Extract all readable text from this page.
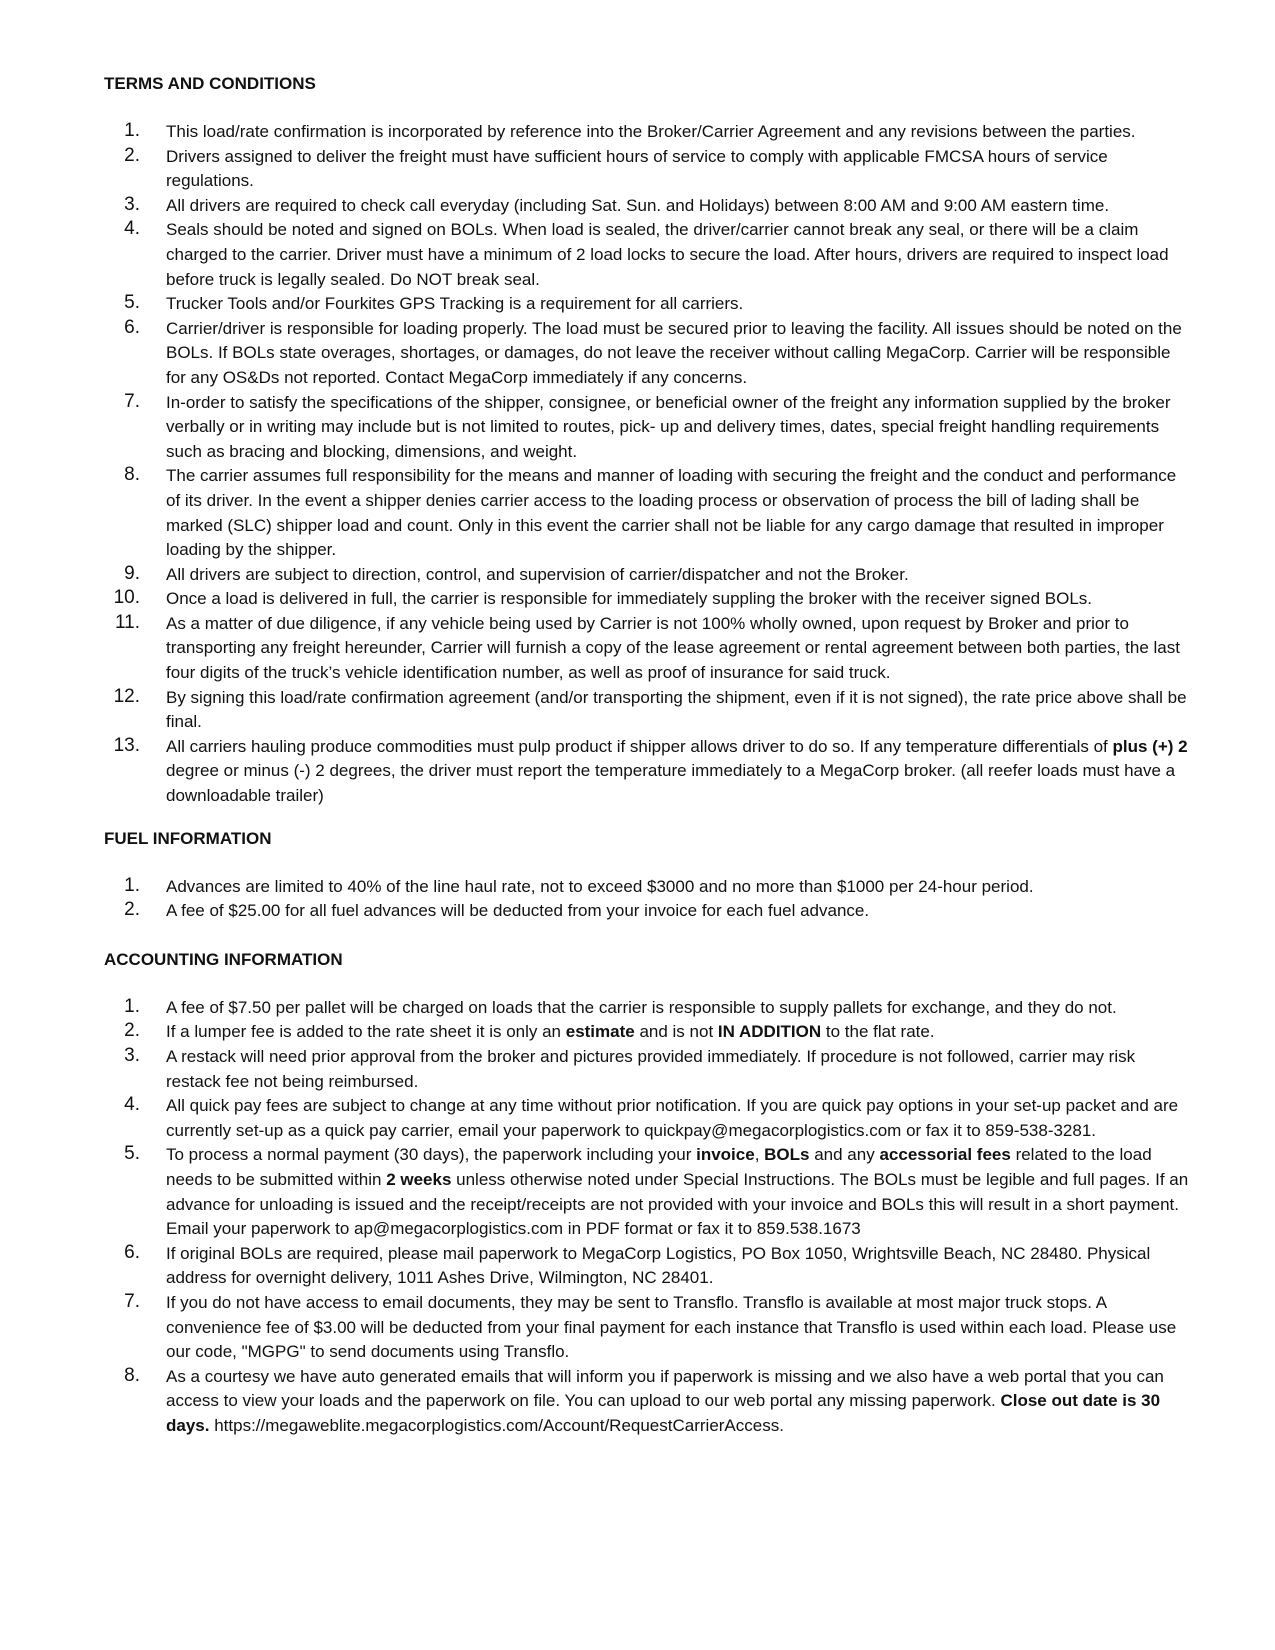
TERMS AND CONDITIONS
1.	This load/rate confirmation is incorporated by reference into the Broker/Carrier Agreement and any revisions between the parties.
2.	Drivers assigned to deliver the freight must have sufficient hours of service to comply with applicable FMCSA hours of service regulations.
3.	All drivers are required to check call everyday (including Sat. Sun. and Holidays) between 8:00 AM and 9:00 AM eastern time.
4.	Seals should be noted and signed on BOLs. When load is sealed, the driver/carrier cannot break any seal, or there will be a claim charged to the carrier. Driver must have a minimum of 2 load locks to secure the load. After hours, drivers are required to inspect load before truck is legally sealed. Do NOT break seal.
5.	Trucker Tools and/or Fourkites GPS Tracking is a requirement for all carriers.
6.	Carrier/driver is responsible for loading properly. The load must be secured prior to leaving the facility. All issues should be noted on the BOLs. If BOLs state overages, shortages, or damages, do not leave the receiver without calling MegaCorp. Carrier will be responsible for any OS&Ds not reported. Contact MegaCorp immediately if any concerns.
7.	In-order to satisfy the specifications of the shipper, consignee, or beneficial owner of the freight any information supplied by the broker verbally or in writing may include but is not limited to routes, pick- up and delivery times, dates, special freight handling requirements such as bracing and blocking, dimensions, and weight.
8.	The carrier assumes full responsibility for the means and manner of loading with securing the freight and the conduct and performance of its driver. In the event a shipper denies carrier access to the loading process or observation of process the bill of lading shall be marked (SLC) shipper load and count. Only in this event the carrier shall not be liable for any cargo damage that resulted in improper loading by the shipper.
9.	All drivers are subject to direction, control, and supervision of carrier/dispatcher and not the Broker.
10.	Once a load is delivered in full, the carrier is responsible for immediately suppling the broker with the receiver signed BOLs.
11.	As a matter of due diligence, if any vehicle being used by Carrier is not 100% wholly owned, upon request by Broker and prior to transporting any freight hereunder, Carrier will furnish a copy of the lease agreement or rental agreement between both parties, the last four digits of the truck’s vehicle identification number, as well as proof of insurance for said truck.
12.	By signing this load/rate confirmation agreement (and/or transporting the shipment, even if it is not signed), the rate price above shall be final.
13.	All carriers hauling produce commodities must pulp product if shipper allows driver to do so. If any temperature differentials of plus (+) 2 degree or minus (-) 2 degrees, the driver must report the temperature immediately to a MegaCorp broker. (all reefer loads must have a downloadable trailer)
FUEL INFORMATION
1.	Advances are limited to 40% of the line haul rate, not to exceed $3000 and no more than $1000 per 24-hour period.
2.	A fee of $25.00 for all fuel advances will be deducted from your invoice for each fuel advance.
ACCOUNTING INFORMATION
1.	A fee of $7.50 per pallet will be charged on loads that the carrier is responsible to supply pallets for exchange, and they do not.
2.	If a lumper fee is added to the rate sheet it is only an estimate and is not IN ADDITION to the flat rate.
3.	A restack will need prior approval from the broker and pictures provided immediately. If procedure is not followed, carrier may risk restack fee not being reimbursed.
4.	All quick pay fees are subject to change at any time without prior notification. If you are quick pay options in your set-up packet and are currently set-up as a quick pay carrier, email your paperwork to quickpay@megacorplogistics.com or fax it to 859-538-3281.
5.	To process a normal payment (30 days), the paperwork including your invoice, BOLs and any accessorial fees related to the load needs to be submitted within 2 weeks unless otherwise noted under Special Instructions. The BOLs must be legible and full pages. If an advance for unloading is issued and the receipt/receipts are not provided with your invoice and BOLs this will result in a short payment. Email your paperwork to ap@megacorplogistics.com in PDF format or fax it to 859.538.1673
6.	If original BOLs are required, please mail paperwork to MegaCorp Logistics, PO Box 1050, Wrightsville Beach, NC 28480. Physical address for overnight delivery, 1011 Ashes Drive, Wilmington, NC 28401.
7.	If you do not have access to email documents, they may be sent to Transflo. Transflo is available at most major truck stops. A convenience fee of $3.00 will be deducted from your final payment for each instance that Transflo is used within each load. Please use our code, "MGPG" to send documents using Transflo.
8.	As a courtesy we have auto generated emails that will inform you if paperwork is missing and we also have a web portal that you can access to view your loads and the paperwork on file. You can upload to our web portal any missing paperwork. Close out date is 30 days. https://megaweblite.megacorplogistics.com/Account/RequestCarrierAccess.
